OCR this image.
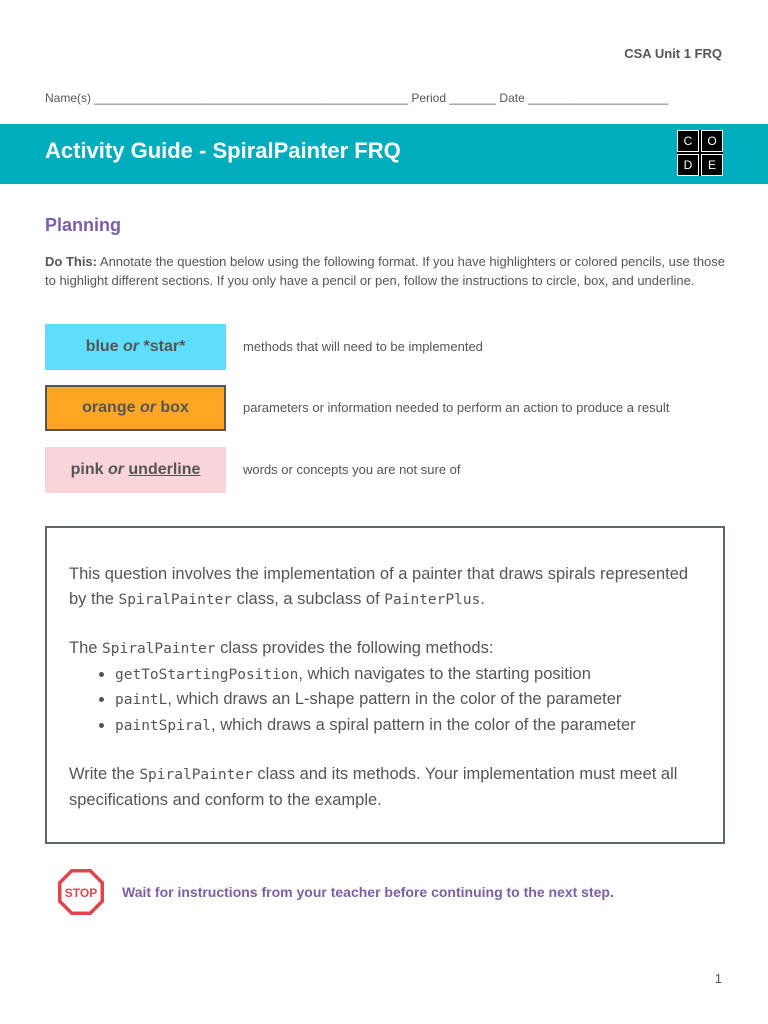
CSA Unit 1 FRQ
Name(s) _______________________________________________ Period _______ Date _____________________
Activity Guide - SpiralPainter FRQ	C	O
D	E
Planning
Do This: Annotate the question below using the following format. If you have highlighters or colored pencils, use those to highlight different sections. If you only have a pencil or pen, follow the instructions to circle, box, and underline.
blue
or
*star*	methods that will need to be implemented
orange
or
box	parameters or information needed to perform an action to produce a result
pink
or
underline	words or concepts you are not sure of

This question involves the implementation of a painter that draws spirals represented by the SpiralPainter class, a subclass of PainterPlus.

The SpiralPainter class provides the following methods:

• getToStartingPosition, which navigates to the starting position
• paintL, which draws an L-shape pattern in the color of the parameter
• paintSpiral, which draws a spiral pattern in the color of the parameter

Write the SpiralPainter class and its methods. Your implementation must meet all specifications and conform to the example.

STOP Wait for instructions from your teacher before continuing to the next step.
1
